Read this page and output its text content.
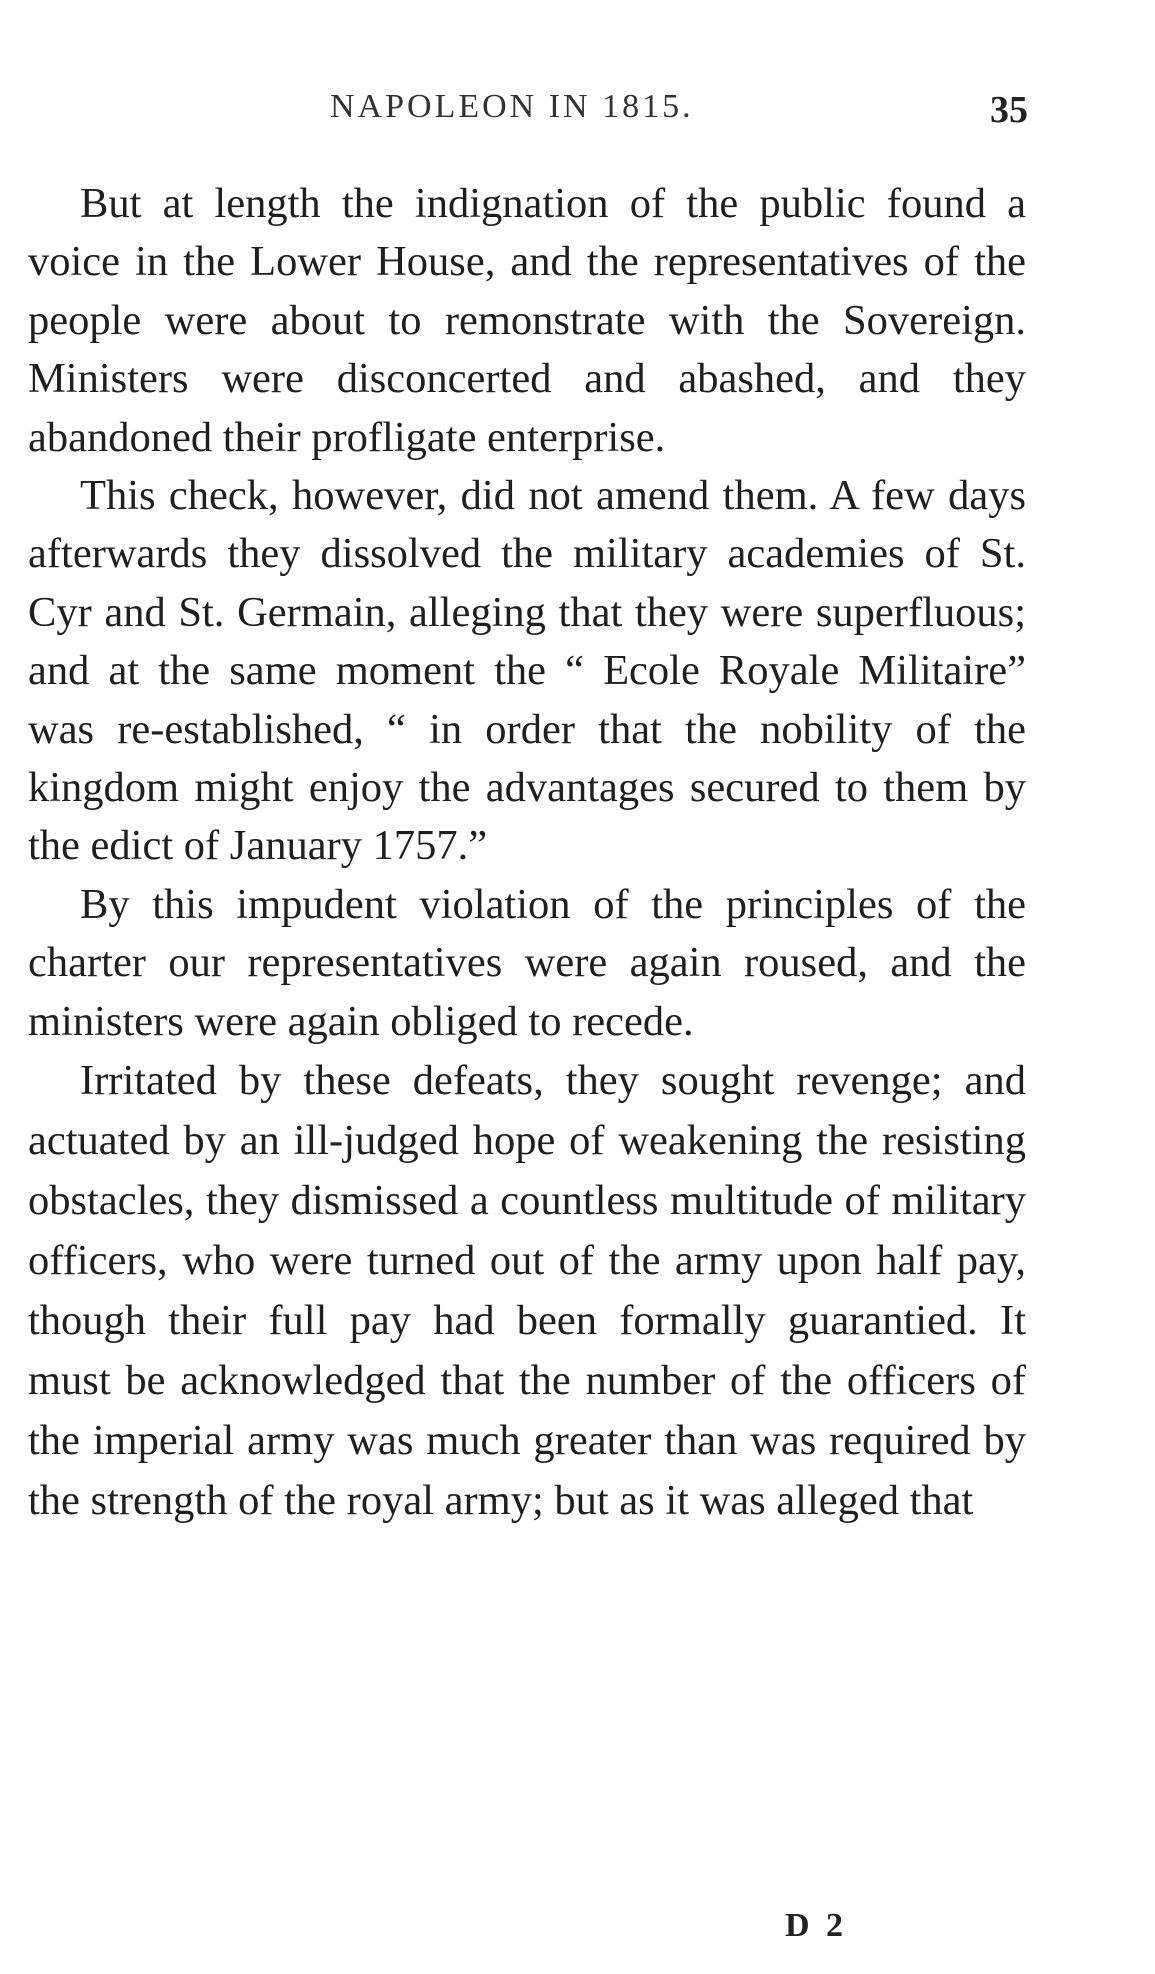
NAPOLEON IN 1815.	35

But at length the indignation of the public found a voice in the Lower House, and the representatives of the people were about to remonstrate with the Sovereign. Ministers were disconcerted and abashed, and they abandoned their profligate enterprise.

This check, however, did not amend them. A few days afterwards they dissolved the military academies of St. Cyr and St. Germain, alleging that they were superfluous; and at the same moment the “ Ecole Royale Militaire” was re-established, “ in order that the nobility of the kingdom might enjoy the advantages secured to them by the edict of January 1757.”

By this impudent violation of the principles of the charter our representatives were again roused, and the ministers were again obliged to recede.

Irritated by these defeats, they sought revenge; and actuated by an ill-judged hope of weakening the resisting obstacles, they dismissed a countless multitude of military officers, who were turned out of the army upon half pay, though their full pay had been formally guarantied. It must be acknowledged that the number of the officers of the imperial army was much greater than was required by the strength of the royal army; but as it was alleged that

D 2
